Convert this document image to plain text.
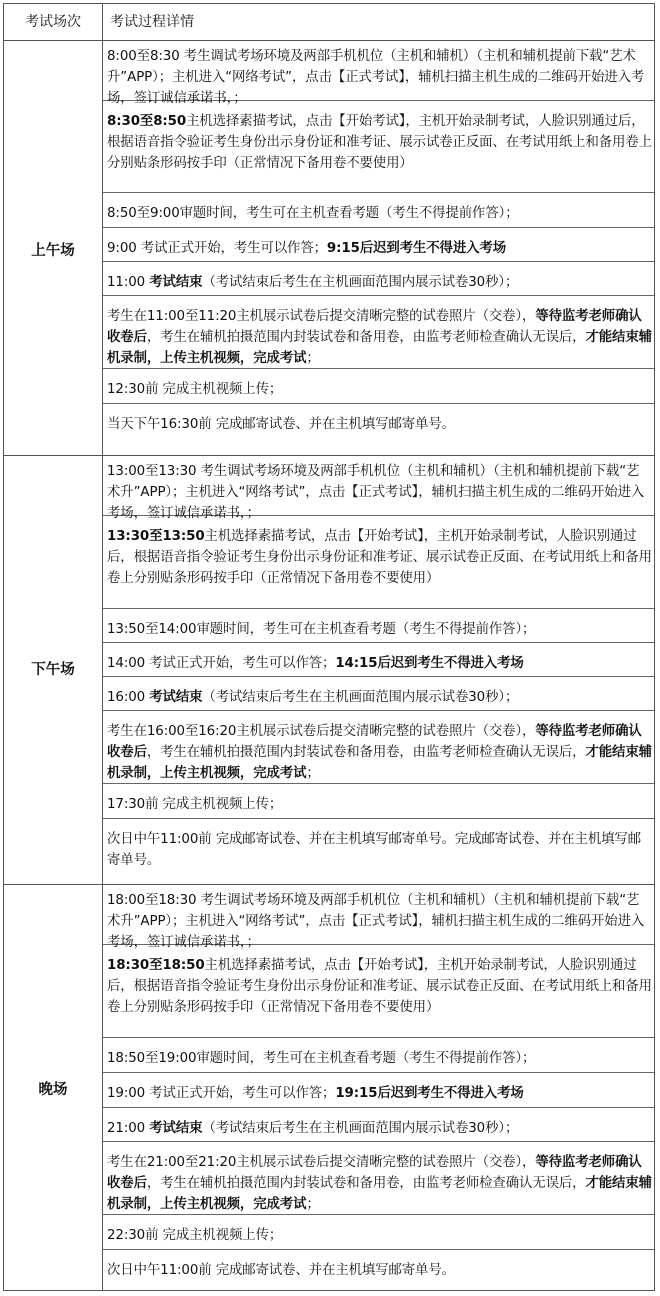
考试场次	考试过程详情
上午场
8:00至8:30 考生调试考场环境及两部手机机位（主机和辅机）（主机和辅机提前下载“艺术升”APP）；主机进入“网络考试”，点击【正式考试】，辅机扫描主机生成的二维码开始进入考场，签订诚信承诺书，；
8:30至8:50主机选择素描考试，点击【开始考试】，主机开始录制考试，人脸识别通过后，根据语音指令验证考生身份出示身份证和准考证、展示试卷正反面、在考试用纸上和备用卷上分别贴条形码按手印（正常情况下备用卷不要使用）
8:50至9:00审题时间，考生可在主机查看考题（考生不得提前作答）；
9:00 考试正式开始，考生可以作答；9:15后迟到考生不得进入考场
11:00 考试结束（考试结束后考生在主机画面范围内展示试卷30秒）；
考生在11:00至11:20主机展示试卷后提交清晰完整的试卷照片（交卷），等待监考老师确认收卷后，考生在辅机拍摄范围内封装试卷和备用卷，由监考老师检查确认无误后，才能结束辅机录制，上传主机视频，完成考试；
12:30前 完成主机视频上传；
当天下午16:30前 完成邮寄试卷、并在主机填写邮寄单号。
下午场
13:00至13:30 考生调试考场环境及两部手机机位（主机和辅机）（主机和辅机提前下载“艺术升”APP）；主机进入“网络考试”，点击【正式考试】，辅机扫描主机生成的二维码开始进入考场，签订诚信承诺书，；
13:30至13:50主机选择素描考试，点击【开始考试】，主机开始录制考试，人脸识别通过后，根据语音指令验证考生身份出示身份证和准考证、展示试卷正反面、在考试用纸上和备用卷上分别贴条形码按手印（正常情况下备用卷不要使用）
13:50至14:00审题时间，考生可在主机查看考题（考生不得提前作答）；
14:00 考试正式开始，考生可以作答；14:15后迟到考生不得进入考场
16:00 考试结束（考试结束后考生在主机画面范围内展示试卷30秒）；
考生在16:00至16:20主机展示试卷后提交清晰完整的试卷照片（交卷），等待监考老师确认收卷后，考生在辅机拍摄范围内封装试卷和备用卷，由监考老师检查确认无误后，才能结束辅机录制，上传主机视频，完成考试；
17:30前 完成主机视频上传；
次日中午11:00前 完成邮寄试卷、并在主机填写邮寄单号。完成邮寄试卷、并在主机填写邮寄单号。
晚场
18:00至18:30 考生调试考场环境及两部手机机位（主机和辅机）（主机和辅机提前下载“艺术升”APP）；主机进入“网络考试”，点击【正式考试】，辅机扫描主机生成的二维码开始进入考场，签订诚信承诺书，；
18:30至18:50主机选择素描考试，点击【开始考试】，主机开始录制考试，人脸识别通过后，根据语音指令验证考生身份出示身份证和准考证、展示试卷正反面、在考试用纸上和备用卷上分别贴条形码按手印（正常情况下备用卷不要使用）
18:50至19:00审题时间，考生可在主机查看考题（考生不得提前作答）；
19:00 考试正式开始，考生可以作答；19:15后迟到考生不得进入考场
21:00 考试结束（考试结束后考生在主机画面范围内展示试卷30秒）；
考生在21:00至21:20主机展示试卷后提交清晰完整的试卷照片（交卷），等待监考老师确认收卷后，考生在辅机拍摄范围内封装试卷和备用卷，由监考老师检查确认无误后，才能结束辅机录制，上传主机视频，完成考试；
22:30前 完成主机视频上传；
次日中午11:00前 完成邮寄试卷、并在主机填写邮寄单号。
